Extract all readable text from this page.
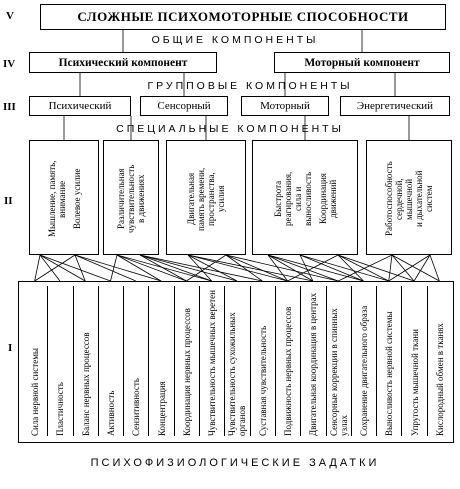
V
IV
III
II
I
СЛОЖНЫЕ ПСИХОМОТОРНЫЕ СПОСОБНОСТИ
ОБЩИЕ КОМПОНЕНТЫ
Психический компонент	Моторный компонент
ГРУППОВЫЕ КОМПОНЕНТЫ
Психический	Сенсорный	Моторный	Энергетический
СПЕЦИАЛЬНЫЕ КОМПОНЕНТЫ
Мышление, память,
внимание Волевое усилие	Различительная
чувствительность
в движениях	Двигательная
память времени,
пространства,
усилия	Быстрота
реагирования,
сила и
выносливость Координация
движений	Работоспособность
сердечной,
мышечной
и дыхательной
систем
Сила нервной системы Пластичность Баланс нервных процессов Активность Сензитивность Концентрация Координация нервных процессов Чувствительность мышечных веретен Чувствительность сухожильных органов Суставная чувствительность Подвижность нервных процессов Двигательная координация в центрах Сенсорные коррекции в спинных узлах Сохранение двигательного образа Выносливость нервной системы Упругость мышечной ткани Кислородный обмен в тканях
ПСИХОФИЗИОЛОГИЧЕСКИЕ ЗАДАТКИ
